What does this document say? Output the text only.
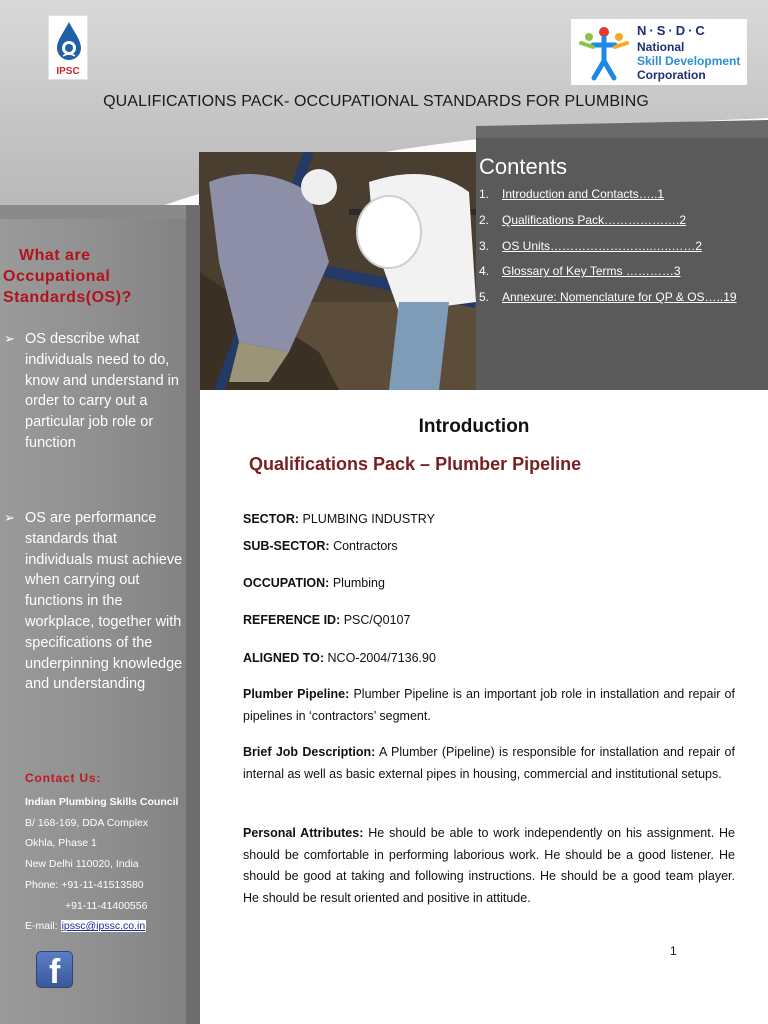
IPSC
N·S·D·C
National
Skill Development
Corporation
QUALIFICATIONS PACK- OCCUPATIONAL STANDARDS FOR PLUMBING
Contents
1. Introduction and Contacts…..1
2. Qualifications Pack……………….2
3. OS Units……………………..…..……2
4. Glossary of Key Terms …………3
5. Annexure: Nomenclature for QP & OS…..19
What are
Occupational
Standards(OS)?
➢ OS describe what individuals need to do, know and understand in order to carry out a particular job role or function
➢ OS are performance standards that individuals must achieve when carrying out functions in the workplace, together with specifications of the underpinning knowledge and understanding
Contact Us:
Indian Plumbing Skills Council
B/ 168-169, DDA Complex
Okhla, Phase 1
New Delhi 110020, India
Phone: +91-11-41513580
+91-11-41400556
E-mail: ipssc@ipssc.co.in
f
Introduction
Qualifications Pack – Plumber Pipeline
SECTOR: PLUMBING INDUSTRY
SUB-SECTOR: Contractors
OCCUPATION: Plumbing
REFERENCE ID: PSC/Q0107
ALIGNED TO: NCO-2004/7136.90
Plumber Pipeline: Plumber Pipeline is an important job role in installation and repair of pipelines in ‘contractors’ segment.
Brief Job Description: A Plumber (Pipeline) is responsible for installation and repair of internal as well as basic external pipes in housing, commercial and institutional setups.
Personal Attributes: He should be able to work independently on his assignment. He should be comfortable in performing laborious work. He should be a good listener. He should be good at taking and following instructions. He should be a good team player. He should be result oriented and positive in attitude.
1
